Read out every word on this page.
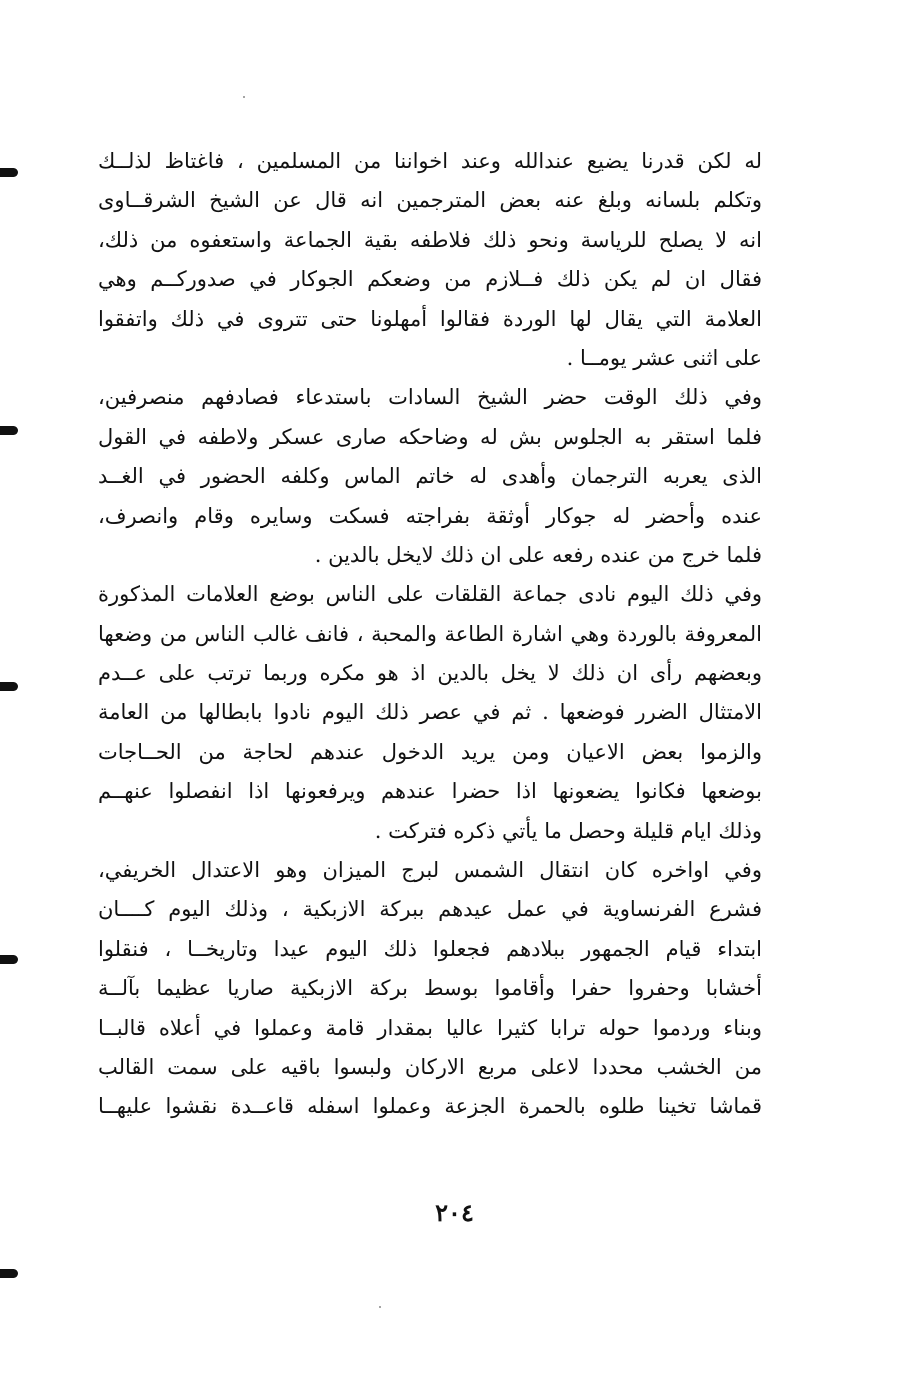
له لكن قدرنا يضيع عندالله وعند اخواننا من المسلمين ، فاغتاظ لذلــك
وتكلم بلسانه وبلغ عنه بعض المترجمين انه قال عن الشيخ الشرقــاوى
انه لا يصلح للرياسة ونحو ذلك فلاطفه بقية الجماعة واستعفوه من ذلك،
فقال ان لم يكن ذلك فــلازم من وضعكم الجوكار في صدوركــم وهي
العلامة التي يقال لها الوردة فقالوا أمهلونا حتى تتروى في ذلك واتفقوا
على اثنى عشر يومــا .
وفي ذلك الوقت حضر الشيخ السادات باستدعاء فصادفهم منصرفين،
فلما استقر به الجلوس بش له وضاحكه صارى عسكر ولاطفه في القول
الذى يعربه الترجمان وأهدى له خاتم الماس وكلفه الحضور في الغــد
عنده وأحضر له جوكار أوثقة بفراجته فسكت وسايره وقام وانصرف،
فلما خرج من عنده رفعه على ان ذلك لايخل بالدين .
وفي ذلك اليوم نادى جماعة القلقات على الناس بوضع العلامات المذكورة
المعروفة بالوردة وهي اشارة الطاعة والمحبة ، فانف غالب الناس من وضعها
وبعضهم رأى ان ذلك لا يخل بالدين اذ هو مكره وربما ترتب على عــدم
الامتثال الضرر فوضعها . ثم في عصر ذلك اليوم نادوا بابطالها من العامة
والزموا بعض الاعيان ومن يريد الدخول عندهم لحاجة من الحــاجات
بوضعها فكانوا يضعونها اذا حضرا عندهم ويرفعونها اذا انفصلوا عنهــم
وذلك ايام قليلة وحصل ما يأتي ذكره فتركت .
وفي اواخره كان انتقال الشمس لبرج الميزان وهو الاعتدال الخريفي،
فشرع الفرنساوية في عمل عيدهم ببركة الازبكية ، وذلك اليوم كــــان
ابتداء قيام الجمهور ببلادهم فجعلوا ذلك اليوم عيدا وتاريخــا ، فنقلوا
أخشابا وحفروا حفرا وأقاموا بوسط بركة الازبكية صاريا عظيما بآلــة
وبناء وردموا حوله ترابا كثيرا عاليا بمقدار قامة وعملوا في أعلاه قالبــا
من الخشب محددا لاعلى مربع الاركان ولبسوا باقيه على سمت القالب
قماشا تخينا طلوه بالحمرة الجزعة وعملوا اسفله قاعــدة نقشوا عليهــا
٢٠٤
